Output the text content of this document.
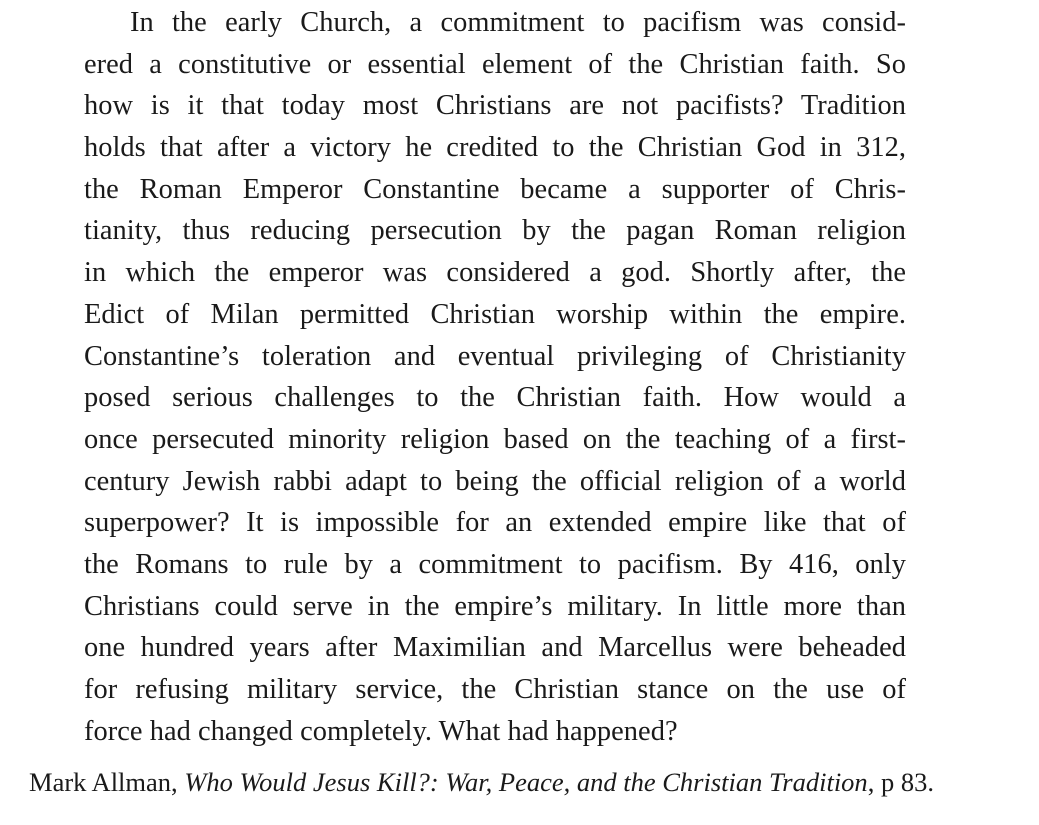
In the early Church, a commitment to pacifism was consid-
ered a constitutive or essential element of the Christian faith. So
how is it that today most Christians are not pacifists? Tradition
holds that after a victory he credited to the Christian God in 312,
the Roman Emperor Constantine became a supporter of Chris-
tianity, thus reducing persecution by the pagan Roman religion
in which the emperor was considered a god. Shortly after, the
Edict of Milan permitted Christian worship within the empire.
Constantine’s toleration and eventual privileging of Christianity
posed serious challenges to the Christian faith. How would a
once persecuted minority religion based on the teaching of a first-
century Jewish rabbi adapt to being the official religion of a world
superpower? It is impossible for an extended empire like that of
the Romans to rule by a commitment to pacifism. By 416, only
Christians could serve in the empire’s military. In little more than
one hundred years after Maximilian and Marcellus were beheaded
for refusing military service, the Christian stance on the use of
force had changed completely. What had happened?
Mark Allman, Who Would Jesus Kill?: War, Peace, and the Christian Tradition, p 83.
